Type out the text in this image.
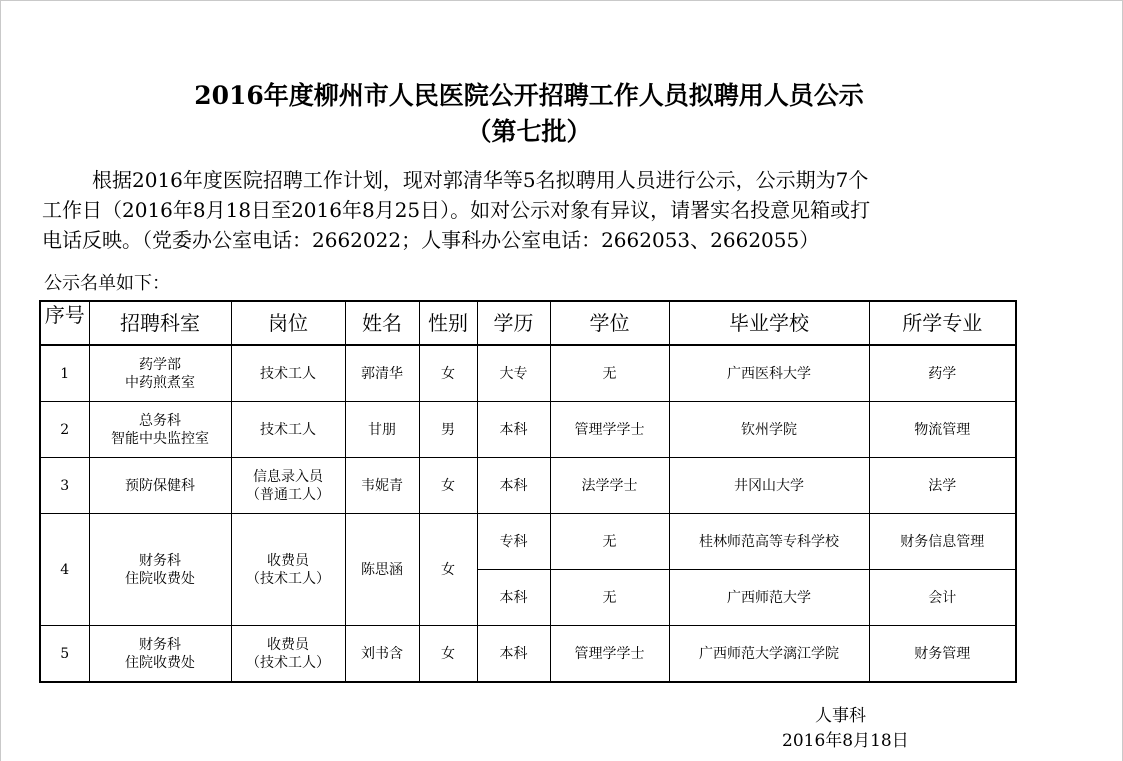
2016年度柳州市人民医院公开招聘工作人员拟聘用人员公示
（第七批）
根据2016年度医院招聘工作计划，现对郭清华等5名拟聘用人员进行公示，公示期为7个
工作日（2016年8月18日至2016年8月25日）。如对公示对象有异议，请署实名投意见箱或打
电话反映。（党委办公室电话：2662022；人事科办公室电话：2662053、2662055）
公示名单如下：
序号	招聘科室	岗位	姓名	性别	学历	学位	毕业学校	所学专业
1	药学部
中药煎煮室	技术工人	郭清华	女	大专	无	广西医科大学	药学
2	总务科
智能中央监控室	技术工人	甘朋	男	本科	管理学学士	钦州学院	物流管理
3	预防保健科	信息录入员
（普通工人）	韦妮青	女	本科	法学学士	井冈山大学	法学
4	财务科
住院收费处	收费员
（技术工人）	陈思涵	女	专科	无	桂林师范高等专科学校	财务信息管理
					本科	无	广西师范大学	会计
5	财务科
住院收费处	收费员
（技术工人）	刘书含	女	本科	管理学学士	广西师范大学漓江学院	财务管理
人事科
2016年8月18日
